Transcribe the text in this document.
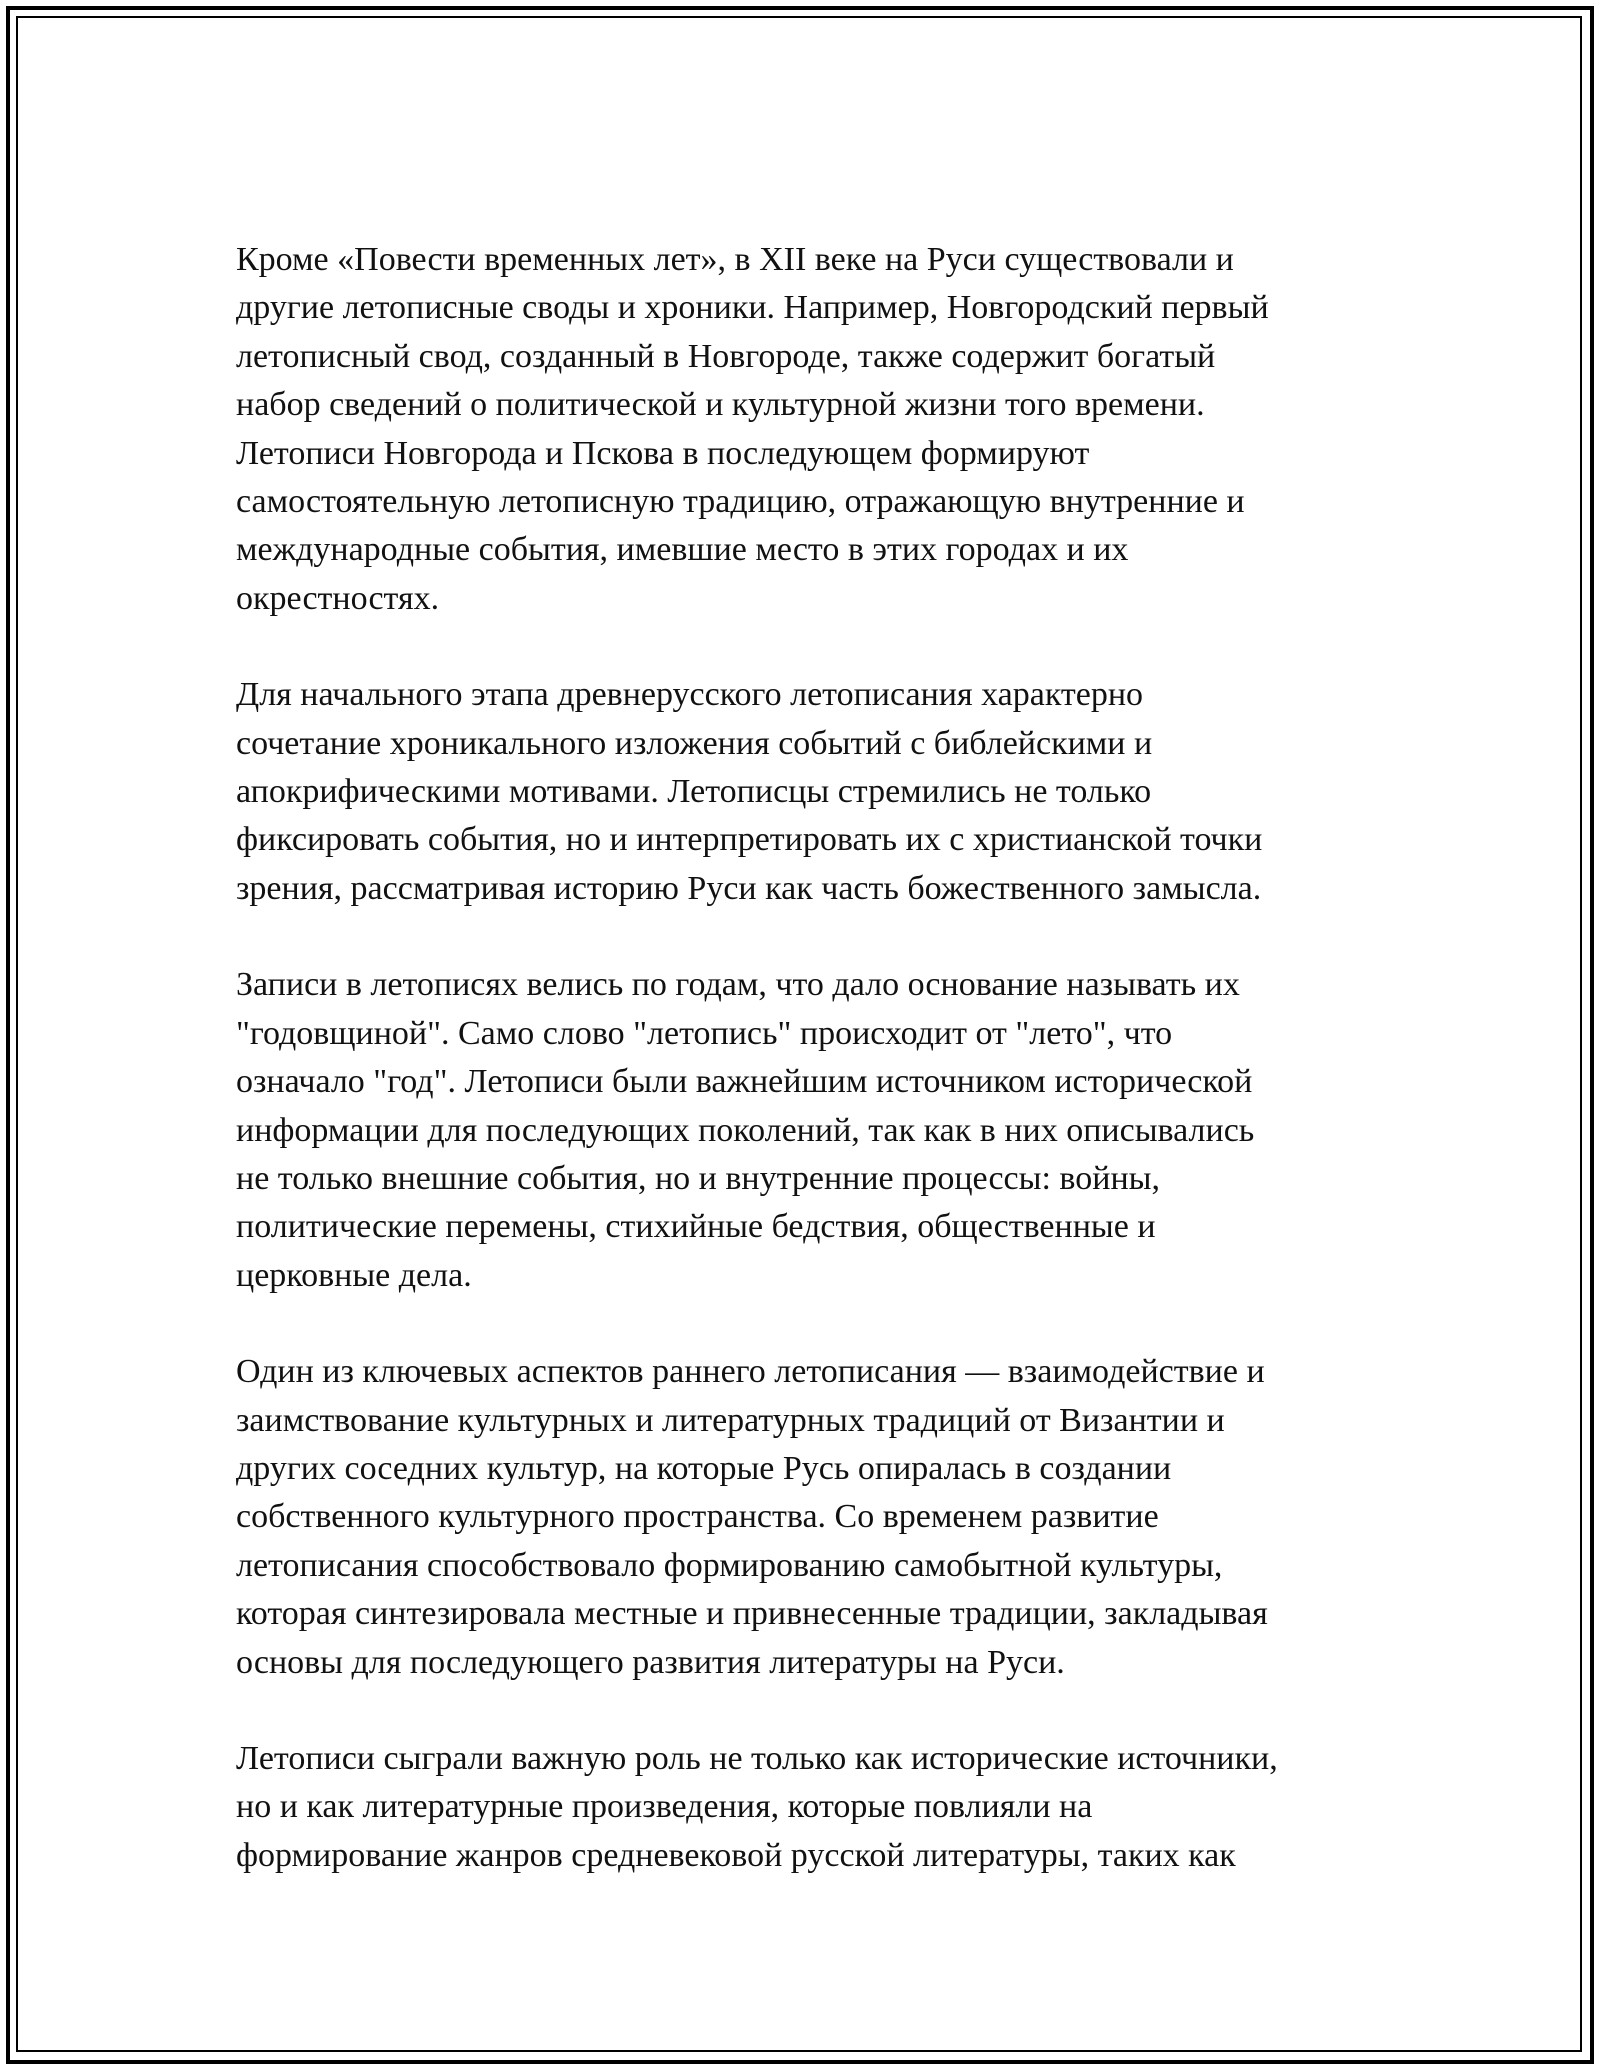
Кроме «Повести временных лет», в XII веке на Руси существовали и
другие летописные своды и хроники. Например, Новгородский первый
летописный свод, созданный в Новгороде, также содержит богатый
набор сведений о политической и культурной жизни того времени.
Летописи Новгорода и Пскова в последующем формируют
самостоятельную летописную традицию, отражающую внутренние и
международные события, имевшие место в этих городах и их
окрестностях.

Для начального этапа древнерусского летописания характерно
сочетание хроникального изложения событий с библейскими и
апокрифическими мотивами. Летописцы стремились не только
фиксировать события, но и интерпретировать их с христианской точки
зрения, рассматривая историю Руси как часть божественного замысла.

Записи в летописях велись по годам, что дало основание называть их
"годовщиной". Само слово "летопись" происходит от "лето", что
означало "год". Летописи были важнейшим источником исторической
информации для последующих поколений, так как в них описывались
не только внешние события, но и внутренние процессы: войны,
политические перемены, стихийные бедствия, общественные и
церковные дела.

Один из ключевых аспектов раннего летописания — взаимодействие и
заимствование культурных и литературных традиций от Византии и
других соседних культур, на которые Русь опиралась в создании
собственного культурного пространства. Со временем развитие
летописания способствовало формированию самобытной культуры,
которая синтезировала местные и привнесенные традиции, закладывая
основы для последующего развития литературы на Руси.

Летописи сыграли важную роль не только как исторические источники,
но и как литературные произведения, которые повлияли на
формирование жанров средневековой русской литературы, таких как
